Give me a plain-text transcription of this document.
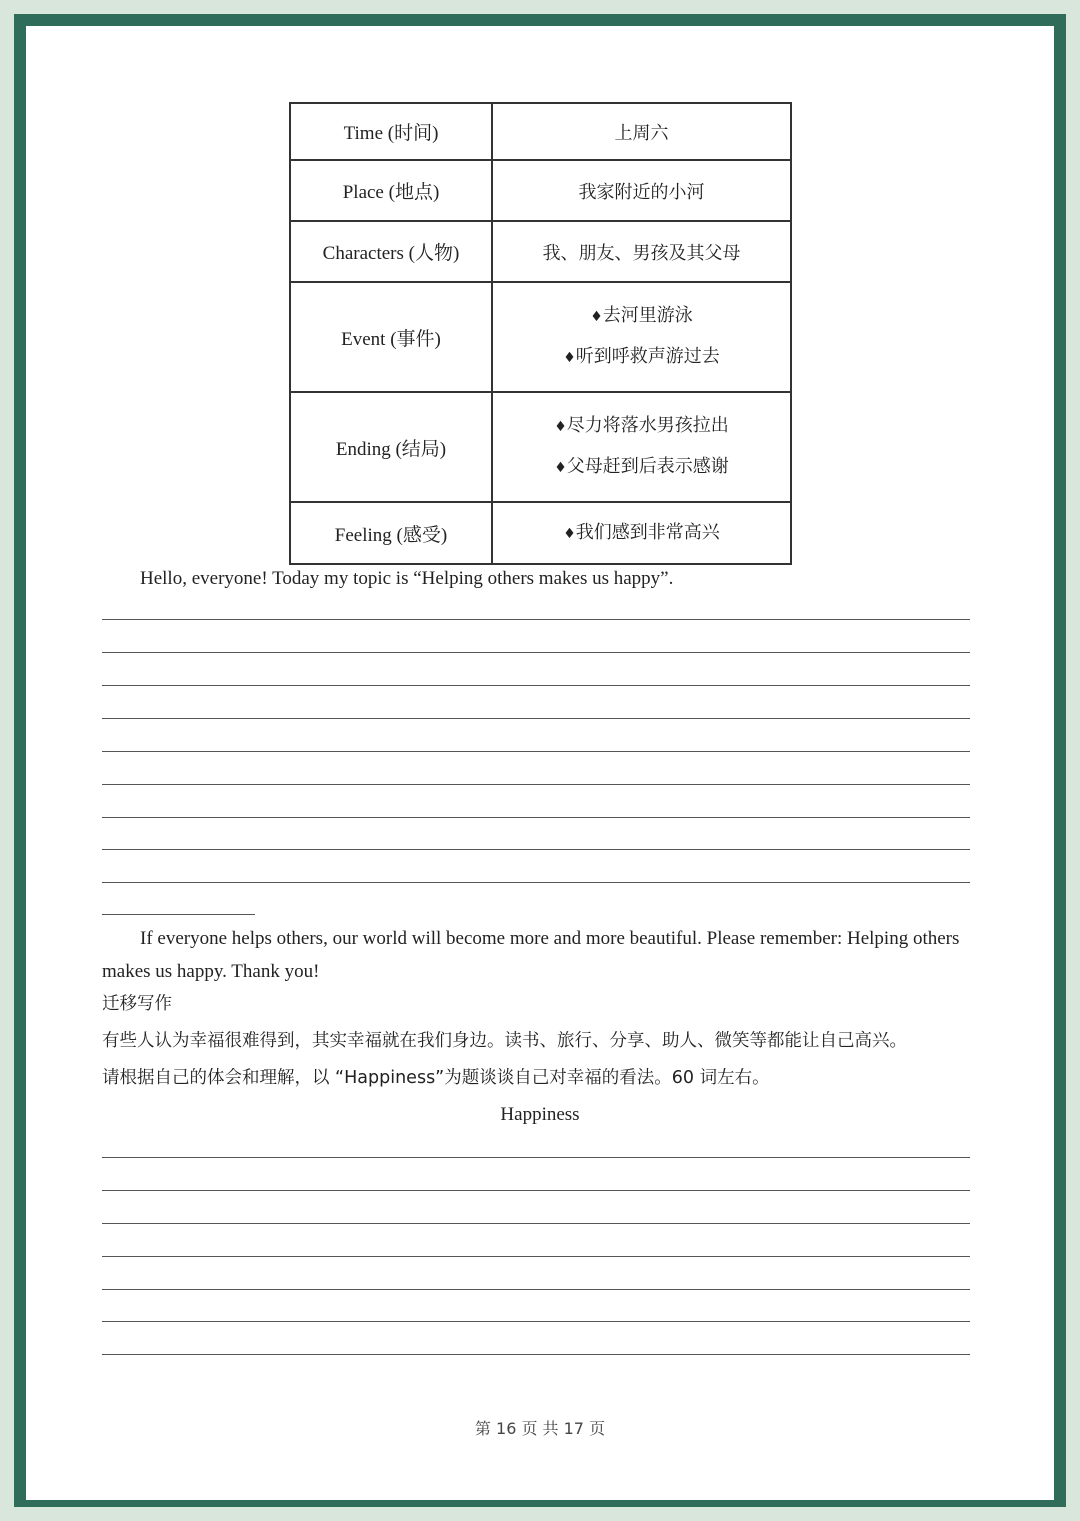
Time (时间)	上周六
Place (地点)	我家附近的小河
Characters (人物)	我、朋友、男孩及其父母
Event (事件)	♦ 去河里游泳
♦ 听到呼救声游过去

Ending (结局)	♦ 尽力将落水男孩拉出
♦ 父母赶到后表示感谢

Feeling (感受)	♦ 我们感到非常高兴
Hello, everyone! Today my topic is “Helping others makes us happy”.
If everyone helps others, our world will become more and more beautiful. Please remember: Helping others
makes us happy. Thank you!
迁移写作
有些人认为幸福很难得到，其实幸福就在我们身边。读书、旅行、分享、助人、微笑等都能让自己高兴。
请根据自己的体会和理解，以 “Happiness”为题谈谈自己对幸福的看法。60 词左右。
Happiness
第 16 页 共 17 页
